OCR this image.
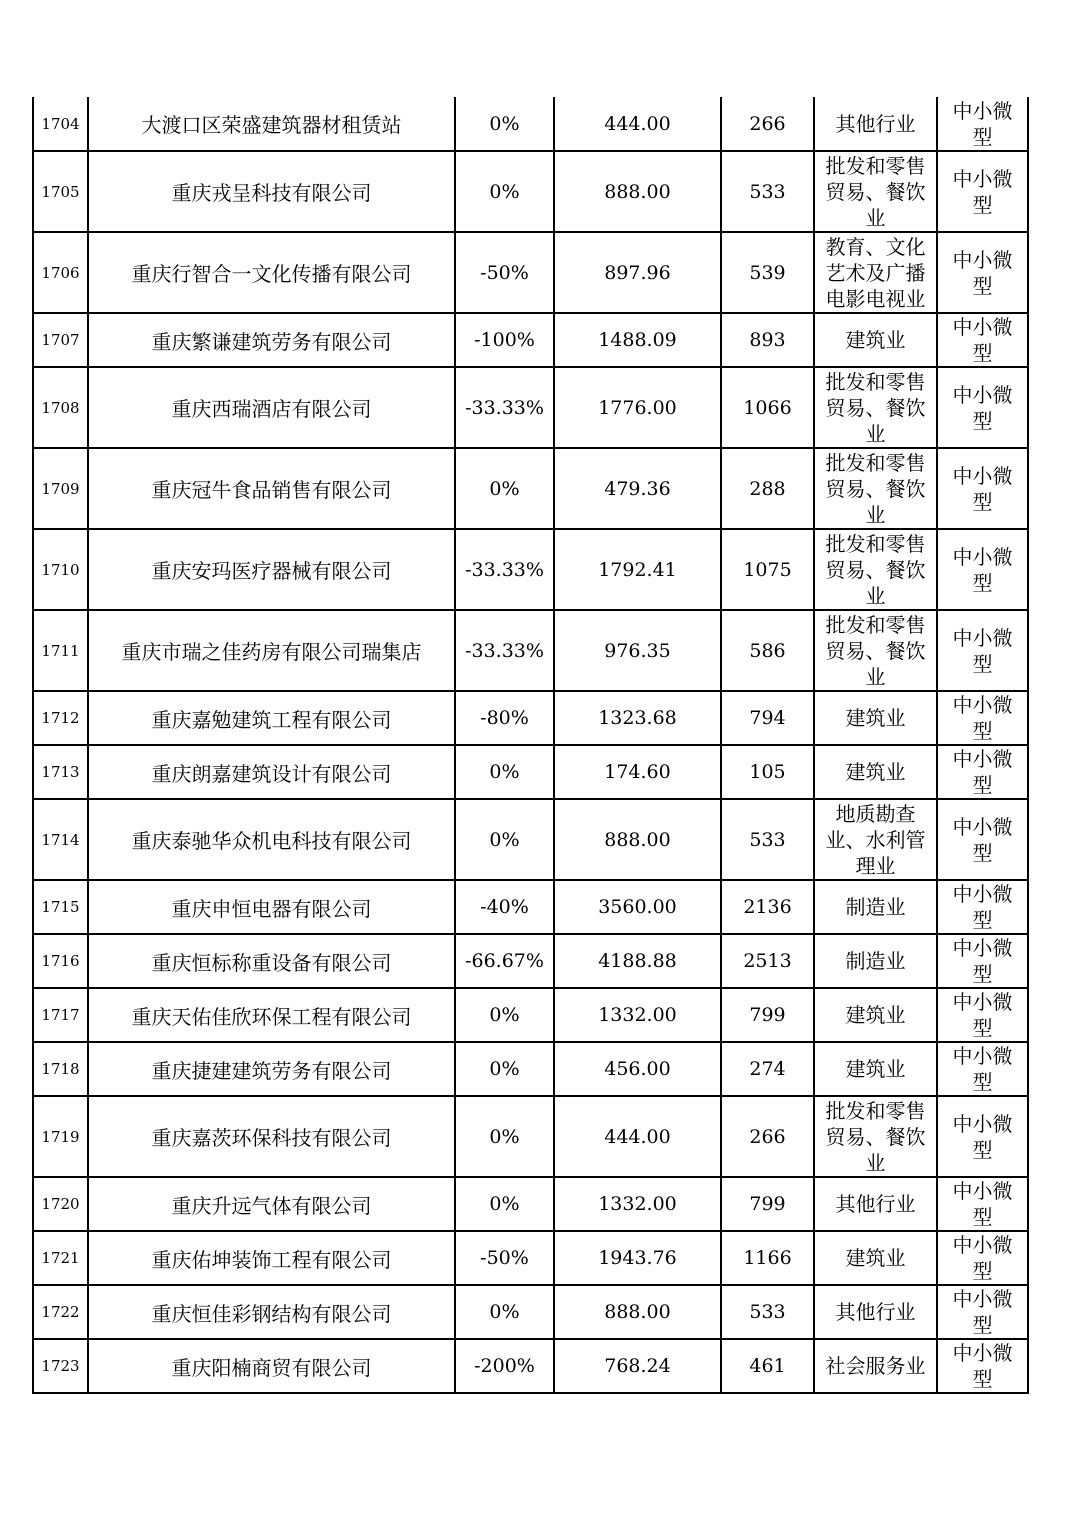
1704	大渡口区荣盛建筑器材租赁站	0%	444.00	266	其他行业	中小微型
1705	重庆戎呈科技有限公司	0%	888.00	533	批发和零售贸易、餐饮业	中小微型
1706	重庆行智合一文化传播有限公司	-50%	897.96	539	教育、文化艺术及广播电影电视业	中小微型
1707	重庆繁谦建筑劳务有限公司	-100%	1488.09	893	建筑业	中小微型
1708	重庆西瑞酒店有限公司	-33.33%	1776.00	1066	批发和零售贸易、餐饮业	中小微型
1709	重庆冠牛食品销售有限公司	0%	479.36	288	批发和零售贸易、餐饮业	中小微型
1710	重庆安玛医疗器械有限公司	-33.33%	1792.41	1075	批发和零售贸易、餐饮业	中小微型
1711	重庆市瑞之佳药房有限公司瑞集店	-33.33%	976.35	586	批发和零售贸易、餐饮业	中小微型
1712	重庆嘉勉建筑工程有限公司	-80%	1323.68	794	建筑业	中小微型
1713	重庆朗嘉建筑设计有限公司	0%	174.60	105	建筑业	中小微型
1714	重庆泰驰华众机电科技有限公司	0%	888.00	533	地质勘查业、水利管理业	中小微型
1715	重庆申恒电器有限公司	-40%	3560.00	2136	制造业	中小微型
1716	重庆恒标称重设备有限公司	-66.67%	4188.88	2513	制造业	中小微型
1717	重庆天佑佳欣环保工程有限公司	0%	1332.00	799	建筑业	中小微型
1718	重庆捷建建筑劳务有限公司	0%	456.00	274	建筑业	中小微型
1719	重庆嘉茨环保科技有限公司	0%	444.00	266	批发和零售贸易、餐饮业	中小微型
1720	重庆升远气体有限公司	0%	1332.00	799	其他行业	中小微型
1721	重庆佑坤装饰工程有限公司	-50%	1943.76	1166	建筑业	中小微型
1722	重庆恒佳彩钢结构有限公司	0%	888.00	533	其他行业	中小微型
1723	重庆阳楠商贸有限公司	-200%	768.24	461	社会服务业	中小微型
